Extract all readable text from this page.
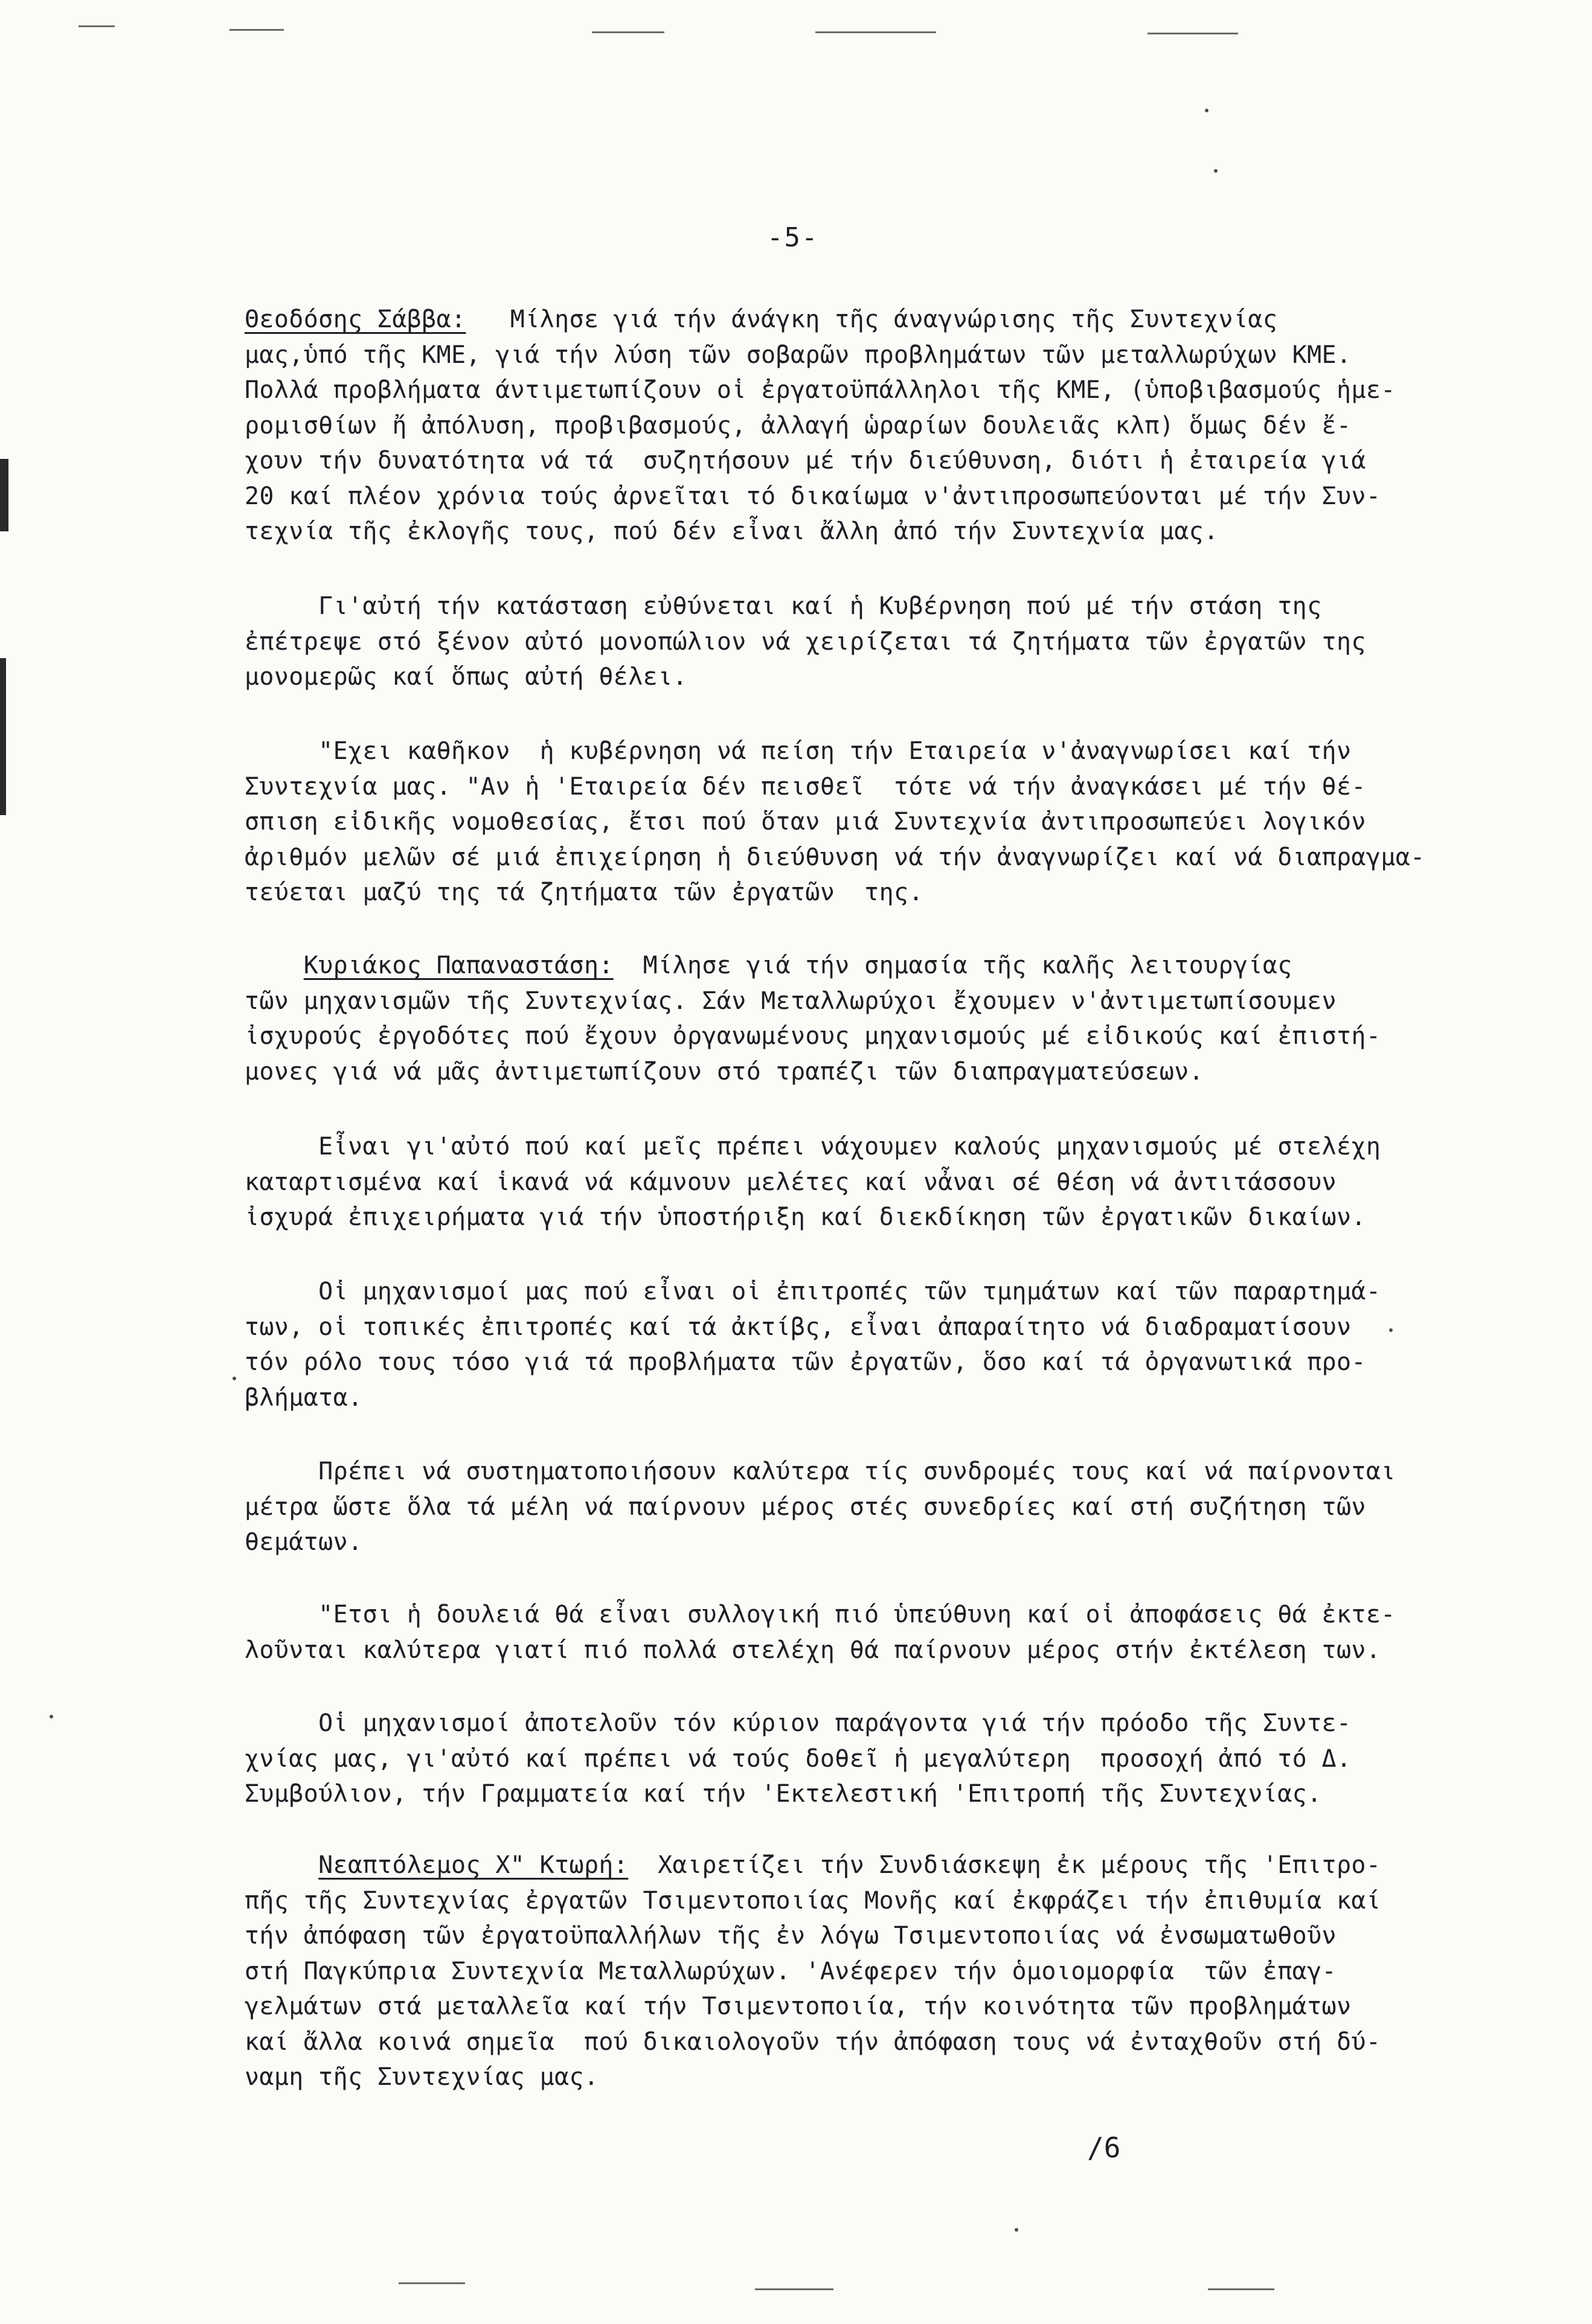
-5-
Θεοδόσης Σάββα:   Μίλησε γιά τήν άνάγκη τῆς άναγνώρισης τῆς Συντεχνίας
μας,ὑπό τῆς ΚΜΕ, γιά τήν λύση τῶν σοβαρῶν προβλημάτων τῶν μεταλλωρύχων ΚΜΕ.
Πολλά προβλήματα άντιμετωπίζουν οἱ ἐργατοϋπάλληλοι τῆς ΚΜΕ, (ὑποβιβασμούς ἡμε-
ρομισθίων ἤ ἀπόλυση, προβιβασμούς, ἀλλαγή ὡραρίων δουλειᾶς κλπ) ὅμως δέν ἔ-
χουν τήν δυνατότητα νά τά  συζητήσουν μέ τήν διεύθυνση, διότι ἡ ἐταιρεία γιά
20 καί πλέον χρόνια τούς ἀρνεῖται τό δικαίωμα ν'ἀντιπροσωπεύονται μέ τήν Συν-
τεχνία τῆς ἐκλογῆς τους, πού δέν εἶναι ἄλλη ἀπό τήν Συντεχνία μας.
Γι'αὐτή τήν κατάσταση εὐθύνεται καί ἡ Κυβέρνηση πού μέ τήν στάση της
ἐπέτρεψε στό ξένον αὐτό μονοπώλιον νά χειρίζεται τά ζητήματα τῶν ἐργατῶν της
μονομερῶς καί ὅπως αὐτή θέλει.
"Εχει καθῆκον  ἡ κυβέρνηση νά πείση τήν Εταιρεία ν'ἀναγνωρίσει καί τήν
Συντεχνία μας. "Αν ἡ 'Εταιρεία δέν πεισθεῖ  τότε νά τήν ἀναγκάσει μέ τήν θέ-
σπιση εἰδικῆς νομοθεσίας, ἔτσι πού ὅταν μιά Συντεχνία ἀντιπροσωπεύει λογικόν
ἀριθμόν μελῶν σέ μιά ἐπιχείρηση ἡ διεύθυνση νά τήν ἀναγνωρίζει καί νά διαπραγμα-
τεύεται μαζύ της τά ζητήματα τῶν ἐργατῶν  της.
Κυριάκος Παπαναστάση:  Μίλησε γιά τήν σημασία τῆς καλῆς λειτουργίας
τῶν μηχανισμῶν τῆς Συντεχνίας. Σάν Μεταλλωρύχοι ἔχουμεν ν'ἀντιμετωπίσουμεν
ἰσχυρούς ἐργοδότες πού ἔχουν ὀργανωμένους μηχανισμούς μέ εἰδικούς καί ἐπιστή-
μονες γιά νά μᾶς ἀντιμετωπίζουν στό τραπέζι τῶν διαπραγματεύσεων.
Εἶναι γι'αὐτό πού καί μεῖς πρέπει νάχουμεν καλούς μηχανισμούς μέ στελέχη
καταρτισμένα καί ἱκανά νά κάμνουν μελέτες καί νἆναι σέ θέση νά ἀντιτάσσουν
ἰσχυρά ἐπιχειρήματα γιά τήν ὑποστήριξη καί διεκδίκηση τῶν ἐργατικῶν δικαίων.
Οἱ μηχανισμοί μας πού εἶναι οἱ ἐπιτροπές τῶν τμημάτων καί τῶν παραρτημά-
των, οἱ τοπικές ἐπιτροπές καί τά ἀκτίβς, εἶναι ἀπαραίτητο νά διαδραματίσουν
τόν ρόλο τους τόσο γιά τά προβλήματα τῶν ἐργατῶν, ὅσο καί τά ὀργανωτικά προ-
βλήματα.
Πρέπει νά συστηματοποιήσουν καλύτερα τίς συνδρομές τους καί νά παίρνονται
μέτρα ὥστε ὅλα τά μέλη νά παίρνουν μέρος στές συνεδρίες καί στή συζήτηση τῶν
θεμάτων.
"Ετσι ἡ δουλειά θά εἶναι συλλογική πιό ὑπεύθυνη καί οἱ ἀποφάσεις θά ἐκτε-
λοῦνται καλύτερα γιατί πιό πολλά στελέχη θά παίρνουν μέρος στήν ἐκτέλεση των.
Οἱ μηχανισμοί ἀποτελοῦν τόν κύριον παράγοντα γιά τήν πρόοδο τῆς Συντε-
χνίας μας, γι'αὐτό καί πρέπει νά τούς δοθεῖ ἡ μεγαλύτερη  προσοχή ἀπό τό Δ.
Συμβούλιον, τήν Γραμματεία καί τήν 'Εκτελεστική 'Επιτροπή τῆς Συντεχνίας.
Νεαπτόλεμος Χ" Κτωρή:  Χαιρετίζει τήν Συνδιάσκεψη ἐκ μέρους τῆς 'Επιτρο-
πῆς τῆς Συντεχνίας ἐργατῶν Τσιμεντοποιίας Μονῆς καί ἐκφράζει τήν ἐπιθυμία καί
τήν ἀπόφαση τῶν ἐργατοϋπαλλήλων τῆς ἐν λόγω Τσιμεντοποιίας νά ἐνσωματωθοῦν
στή Παγκύπρια Συντεχνία Μεταλλωρύχων. 'Ανέφερεν τήν ὁμοιομορφία  τῶν ἐπαγ-
γελμάτων στά μεταλλεῖα καί τήν Τσιμεντοποιία, τήν κοινότητα τῶν προβλημάτων
καί ἄλλα κοινά σημεῖα  πού δικαιολογοῦν τήν ἀπόφαση τους νά ἐνταχθοῦν στή δύ-
ναμη τῆς Συντεχνίας μας.
/6
